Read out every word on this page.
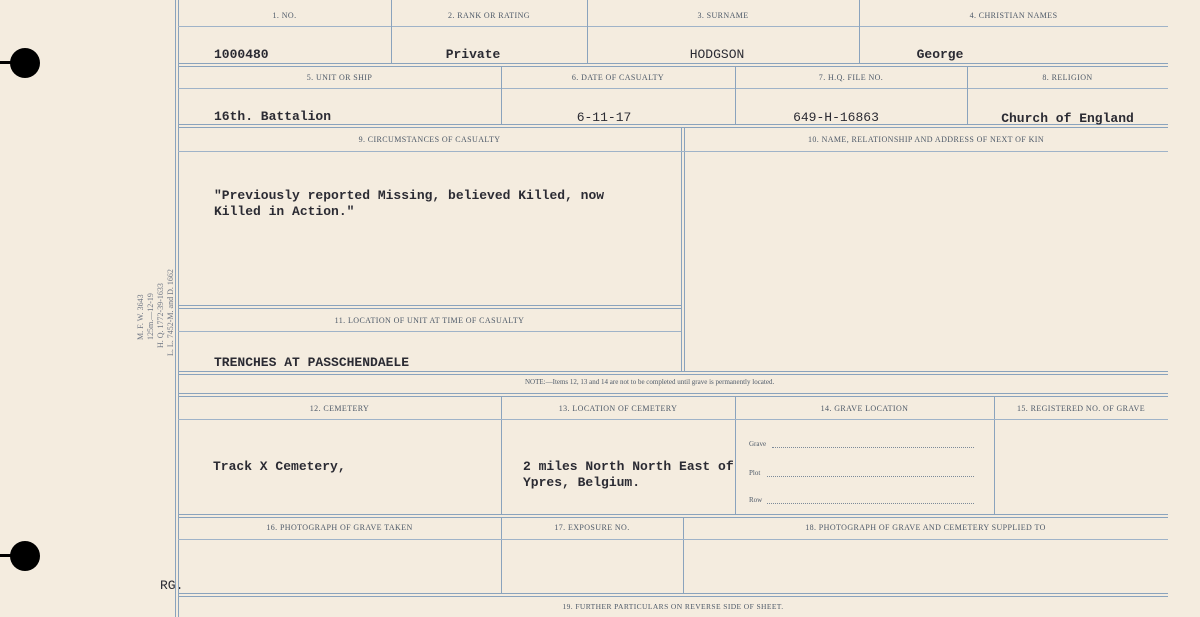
M. F. W. 3643 125m.—12-19 H. Q. 1772-39-1633 L. L. 7452-M. and D. 1662
RG.
1. NO.	2. RANK OR RATING	3. SURNAME	4. CHRISTIAN NAMES
1000480	Private	HODGSON	George
5. UNIT OR SHIP	6. DATE OF CASUALTY	7. H.Q. FILE NO.	8. RELIGION
16th. Battalion	6-11-17	649-H-16863	Church of England
9. CIRCUMSTANCES OF CASUALTY	10. NAME, RELATIONSHIP AND ADDRESS OF NEXT OF KIN
"Previously reported Missing, believed Killed, now
Killed in Action."
11. LOCATION OF UNIT AT TIME OF CASUALTY
TRENCHES AT PASSCHENDAELE
NOTE:—Items 12, 13 and 14 are not to be completed until grave is permanently located.
12. CEMETERY	13. LOCATION OF CEMETERY	14. GRAVE LOCATION	15. REGISTERED NO. OF GRAVE
Track X Cemetery,	2 miles North North East of
Ypres, Belgium.
Grave
Plot
Row
16. PHOTOGRAPH OF GRAVE TAKEN	17. EXPOSURE NO.	18. PHOTOGRAPH OF GRAVE AND CEMETERY SUPPLIED TO
19. FURTHER PARTICULARS ON REVERSE SIDE OF SHEET.
